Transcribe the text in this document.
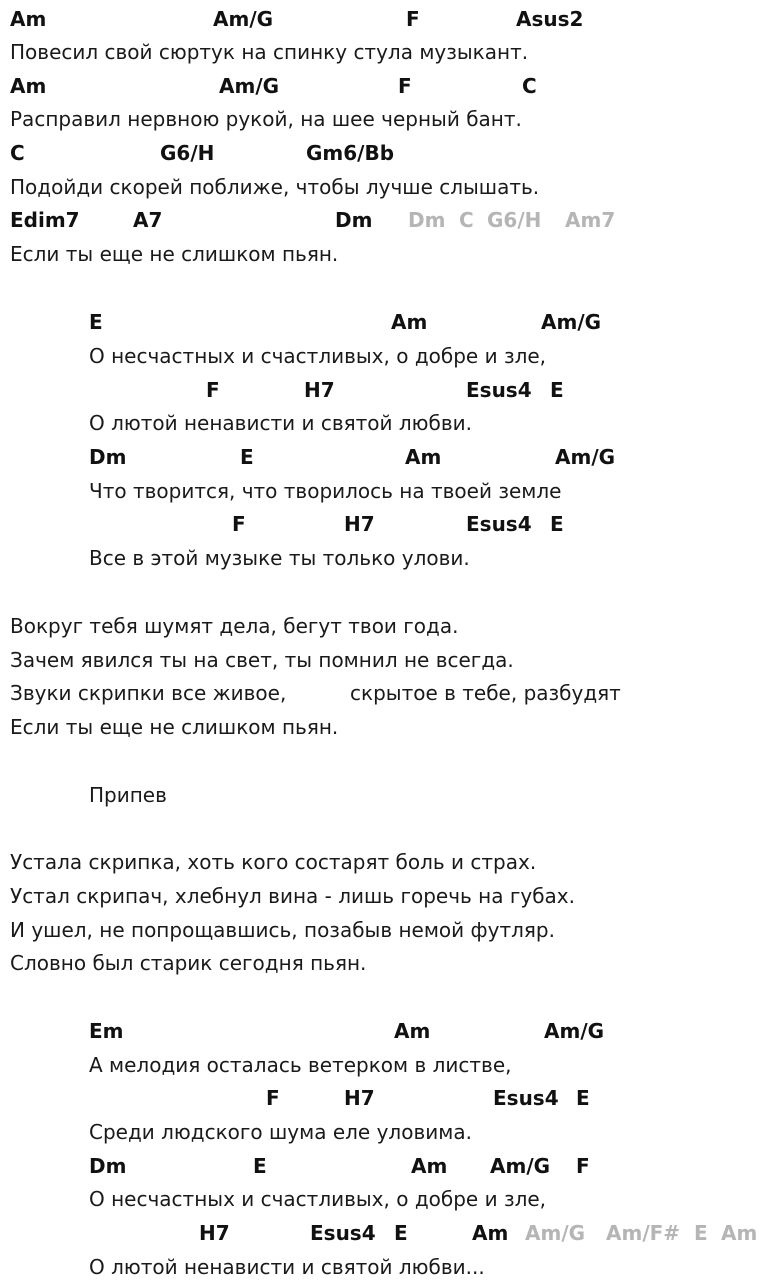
Am	Am/G	F	Asus2
Повесил свой сюртук на спинку стула музыкант.
Am	Am/G	F	C
Расправил нервною рукой, на шее черный бант.
C	G6/H	Gm6/Bb
Подойди скорей поближе, чтобы лучше слышать.
Edim7	A7	Dm Dm C G6/H Am7
Если ты еще не слишком пьян.
E	Am	Am/G
О несчастных и счастливых, о добре и зле,
F	H7	Esus4 E
О лютой ненависти и святой любви.
Dm	E	Am	Am/G
Что творится, что творилось на твоей земле
F	H7	Esus4 E
Все в этой музыке ты только улови.
Вокруг тебя шумят дела, бегут твои года.
Зачем явился ты на свет, ты помнил не всегда.
Звуки скрипки все живое,	скрытое в тебе, разбудят
Если ты еще не слишком пьян.
Припев
Устала скрипка, хоть кого состарят боль и страх.
Устал скрипач, хлебнул вина - лишь горечь на губах.
И ушел, не попрощавшись, позабыв немой футляр.
Словно был старик сегодня пьян.
Em	Am	Am/G
А мелодия осталась ветерком в листве,
F	H7	Esus4 E
Среди людского шума еле уловима.
Dm	E	Am Am/G F
О несчастных и счастливых, о добре и зле,
H7	Esus4 E	Am Am/G Am/F# E Am
О лютой ненависти и святой любви...
